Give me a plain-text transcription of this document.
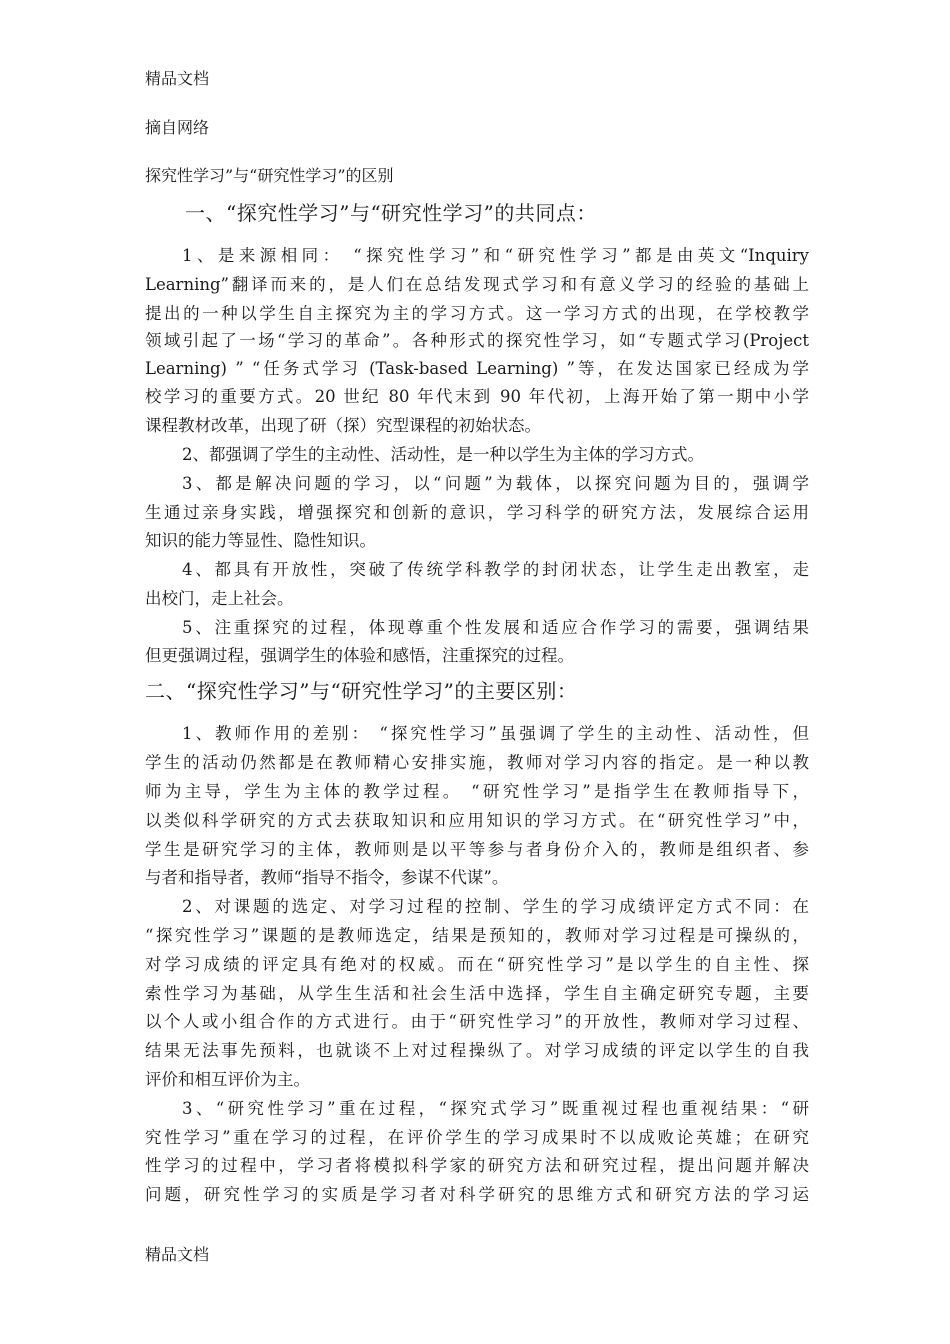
精品文档
摘自网络
探究性学习”与“研究性学习”的区别
一、“探究性学习”与“研究性学习”的共同点：
1、是来源相同： “探究性学习”和“研究性学习”都是由英文“Inquiry
Learning”翻译而来的，是人们在总结发现式学习和有意义学习的经验的基础上
提出的一种以学生自主探究为主的学习方式。这一学习方式的出现，在学校教学
领域引起了一场“学习的革命”。各种形式的探究性学习，如“专题式学习(Project
Learning) ” “任务式学习 (Task-based Learning) ”等，在发达国家已经成为学
校学习的重要方式。20 世纪 80 年代末到 90 年代初，上海开始了第一期中小学
课程教材改革，出现了研（探）究型课程的初始状态。
2、都强调了学生的主动性、活动性，是一种以学生为主体的学习方式。
3、都是解决问题的学习，以“问题”为载体，以探究问题为目的，强调学
生通过亲身实践，增强探究和创新的意识，学习科学的研究方法，发展综合运用
知识的能力等显性、隐性知识。
4、都具有开放性，突破了传统学科教学的封闭状态，让学生走出教室，走
出校门，走上社会。
5、注重探究的过程，体现尊重个性发展和适应合作学习的需要，强调结果
但更强调过程，强调学生的体验和感悟，注重探究的过程。
二、“探究性学习”与“研究性学习”的主要区别：
1、教师作用的差别： “探究性学习”虽强调了学生的主动性、活动性，但
学生的活动仍然都是在教师精心安排实施，教师对学习内容的指定。是一种以教
师为主导，学生为主体的教学过程。 “研究性学习”是指学生在教师指导下，
以类似科学研究的方式去获取知识和应用知识的学习方式。在“研究性学习”中，
学生是研究学习的主体，教师则是以平等参与者身份介入的，教师是组织者、参
与者和指导者，教师“指导不指令，参谋不代谋”。
2、对课题的选定、对学习过程的控制、学生的学习成绩评定方式不同：在
“探究性学习”课题的是教师选定，结果是预知的，教师对学习过程是可操纵的，
对学习成绩的评定具有绝对的权威。而在“研究性学习”是以学生的自主性、探
索性学习为基础，从学生生活和社会生活中选择，学生自主确定研究专题，主要
以个人或小组合作的方式进行。由于“研究性学习”的开放性，教师对学习过程、
结果无法事先预料，也就谈不上对过程操纵了。对学习成绩的评定以学生的自我
评价和相互评价为主。
3、“研究性学习”重在过程，“探究式学习”既重视过程也重视结果：“研
究性学习”重在学习的过程，在评价学生的学习成果时不以成败论英雄；在研究
性学习的过程中，学习者将模拟科学家的研究方法和研究过程，提出问题并解决
问题，研究性学习的实质是学习者对科学研究的思维方式和研究方法的学习运
精品文档
